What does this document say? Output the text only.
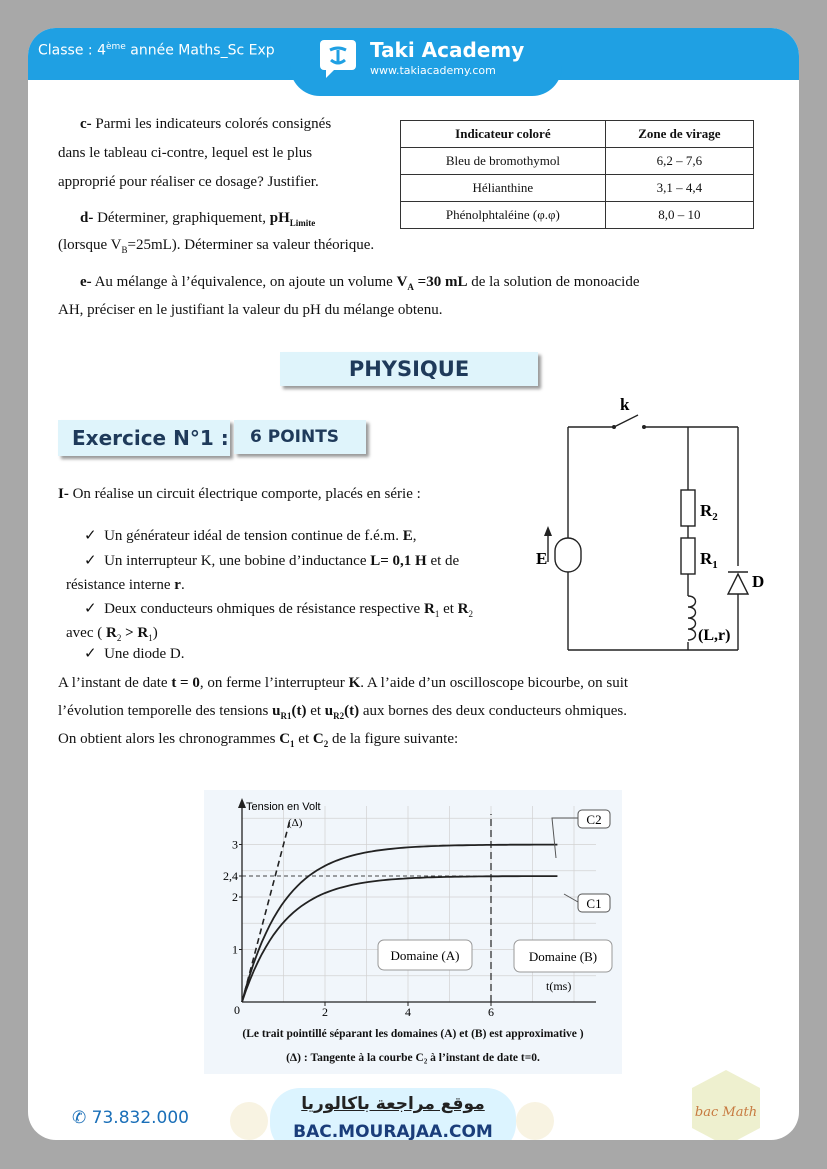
Classe : 4ème année Maths_Sc Exp	Taki Academy
www.takiacademy.com
c- Parmi les indicateurs colorés consignés
dans le tableau ci-contre, lequel est le plus
approprié pour réaliser ce dosage? Justifier.
d- Déterminer, graphiquement, $pH_{Limite}$
(lorsque $V_B=25mL$). Déterminer sa valeur théorique.
Indicateur coloré	Zone de virage
Bleu de bromothymol	6,2 – 7,6
Hélianthine	3,1 – 4,4
Phénolphtaléine (φ.φ)	8,0 – 10
e- Au mélange à l’équivalence, on ajoute un volume $V_A =30$ mL de la solution de monoacide
AH, préciser en le justifiant la valeur du pH du mélange obtenu.
PHYSIQUE
Exercice N°1 :	6 POINTS
I- On réalise un circuit électrique comporte, placés en série :
✓  Un générateur idéal de tension continue de f.é.m. E,
✓  Un interrupteur K, une bobine d’inductance L= 0,1 H et de
résistance interne r.
✓  Deux conducteurs ohmiques de résistance respective $R_1$ et $R_2$
avec ( $R_2 > R_1$)
✓  Une diode D.
A l’instant de date t = 0, on ferme l’interrupteur K. A l’aide d’un oscilloscope bicourbe, on suit
l’évolution temporelle des tensions $u_{R1}(t)$ et $u_{R2}(t)$ aux bornes des deux conducteurs ohmiques.
On obtient alors les chronogrammes $C_1$ et $C_2$ de la figure suivante:
k
$R_2$
$R_1$
E
D
(L,r)
Tension en Volt
t(ms)
0	2	4	6
1
2
2,4
3
(Δ)
Domaine (A)	Domaine (B)
C2
C1
(Le trait pointillé séparant les domaines (A) et (B) est approximative )
(Δ) : Tangente à la courbe C₂ à l’instant de date t=0.
✆ 73.832.000
موقع مراجعة باكالوريا
BAC.MOURAJAA.COM
bac Math
